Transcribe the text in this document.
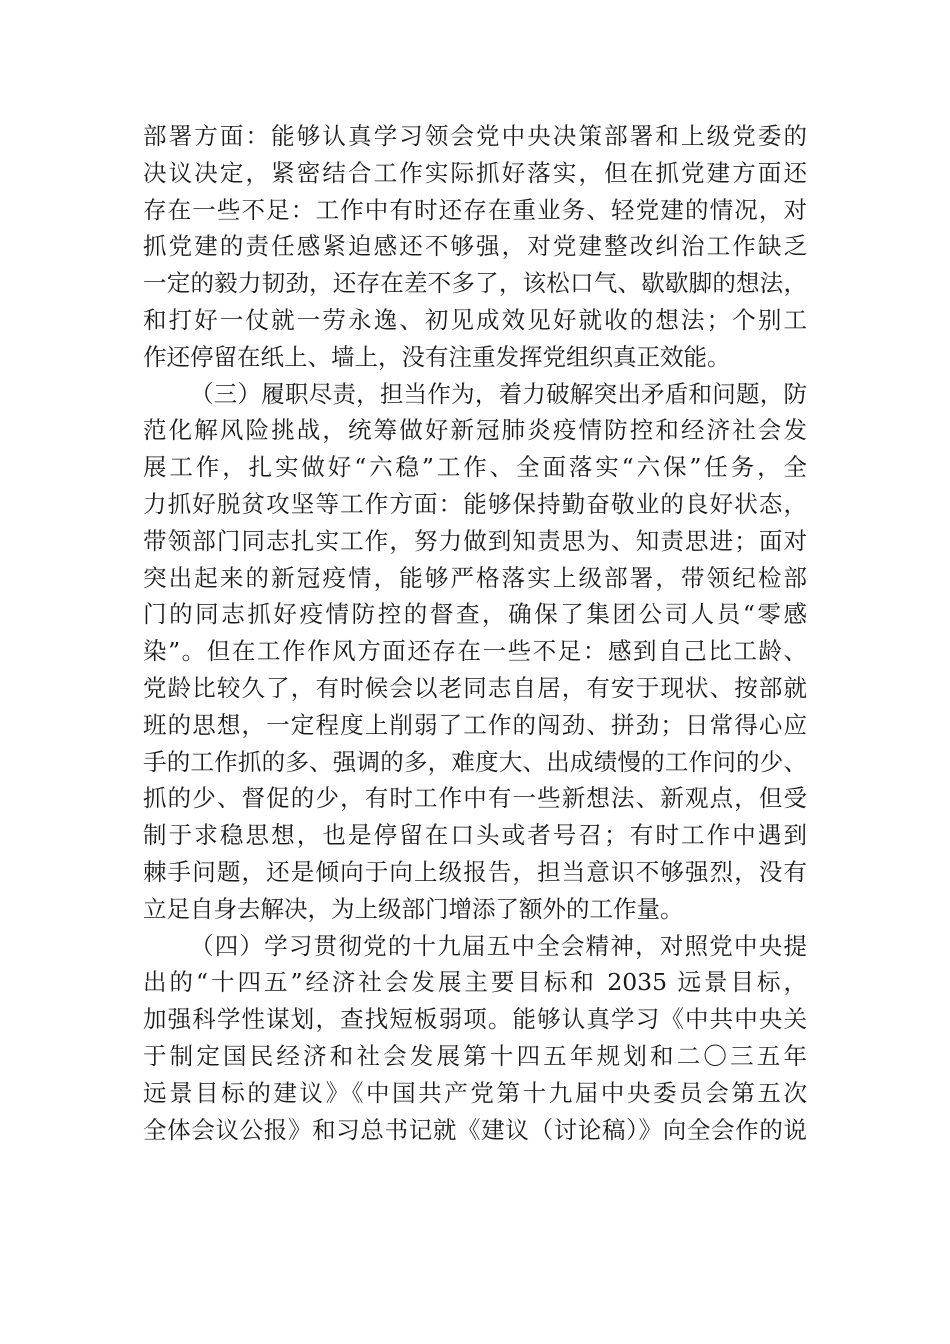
部署方面：能够认真学习领会党中央决策部署和上级党委的
决议决定，紧密结合工作实际抓好落实，但在抓党建方面还
存在一些不足：工作中有时还存在重业务、轻党建的情况，对
抓党建的责任感紧迫感还不够强，对党建整改纠治工作缺乏
一定的毅力韧劲，还存在差不多了，该松口气、歇歇脚的想法，
和打好一仗就一劳永逸、初见成效见好就收的想法；个别工
作还停留在纸上、墙上，没有注重发挥党组织真正效能。
（三）履职尽责，担当作为，着力破解突出矛盾和问题，防
范化解风险挑战，统筹做好新冠肺炎疫情防控和经济社会发
展工作，扎实做好“六稳”工作、全面落实“六保”任务，全
力抓好脱贫攻坚等工作方面：能够保持勤奋敬业的良好状态，
带领部门同志扎实工作，努力做到知责思为、知责思进；面对
突出起来的新冠疫情，能够严格落实上级部署，带领纪检部
门的同志抓好疫情防控的督查，确保了集团公司人员“零感
染”。但在工作作风方面还存在一些不足：感到自己比工龄、
党龄比较久了，有时候会以老同志自居，有安于现状、按部就
班的思想，一定程度上削弱了工作的闯劲、拼劲；日常得心应
手的工作抓的多、强调的多，难度大、出成绩慢的工作问的少、
抓的少、督促的少，有时工作中有一些新想法、新观点，但受
制于求稳思想，也是停留在口头或者号召；有时工作中遇到
棘手问题，还是倾向于向上级报告，担当意识不够强烈，没有
立足自身去解决，为上级部门增添了额外的工作量。
（四）学习贯彻党的十九届五中全会精神，对照党中央提
出的“十四五”经济社会发展主要目标和 2035 远景目标，
加强科学性谋划，查找短板弱项。能够认真学习《中共中央关
于制定国民经济和社会发展第十四五年规划和二〇三五年
远景目标的建议》《中国共产党第十九届中央委员会第五次
全体会议公报》和习总书记就《建议（讨论稿）》向全会作的说
